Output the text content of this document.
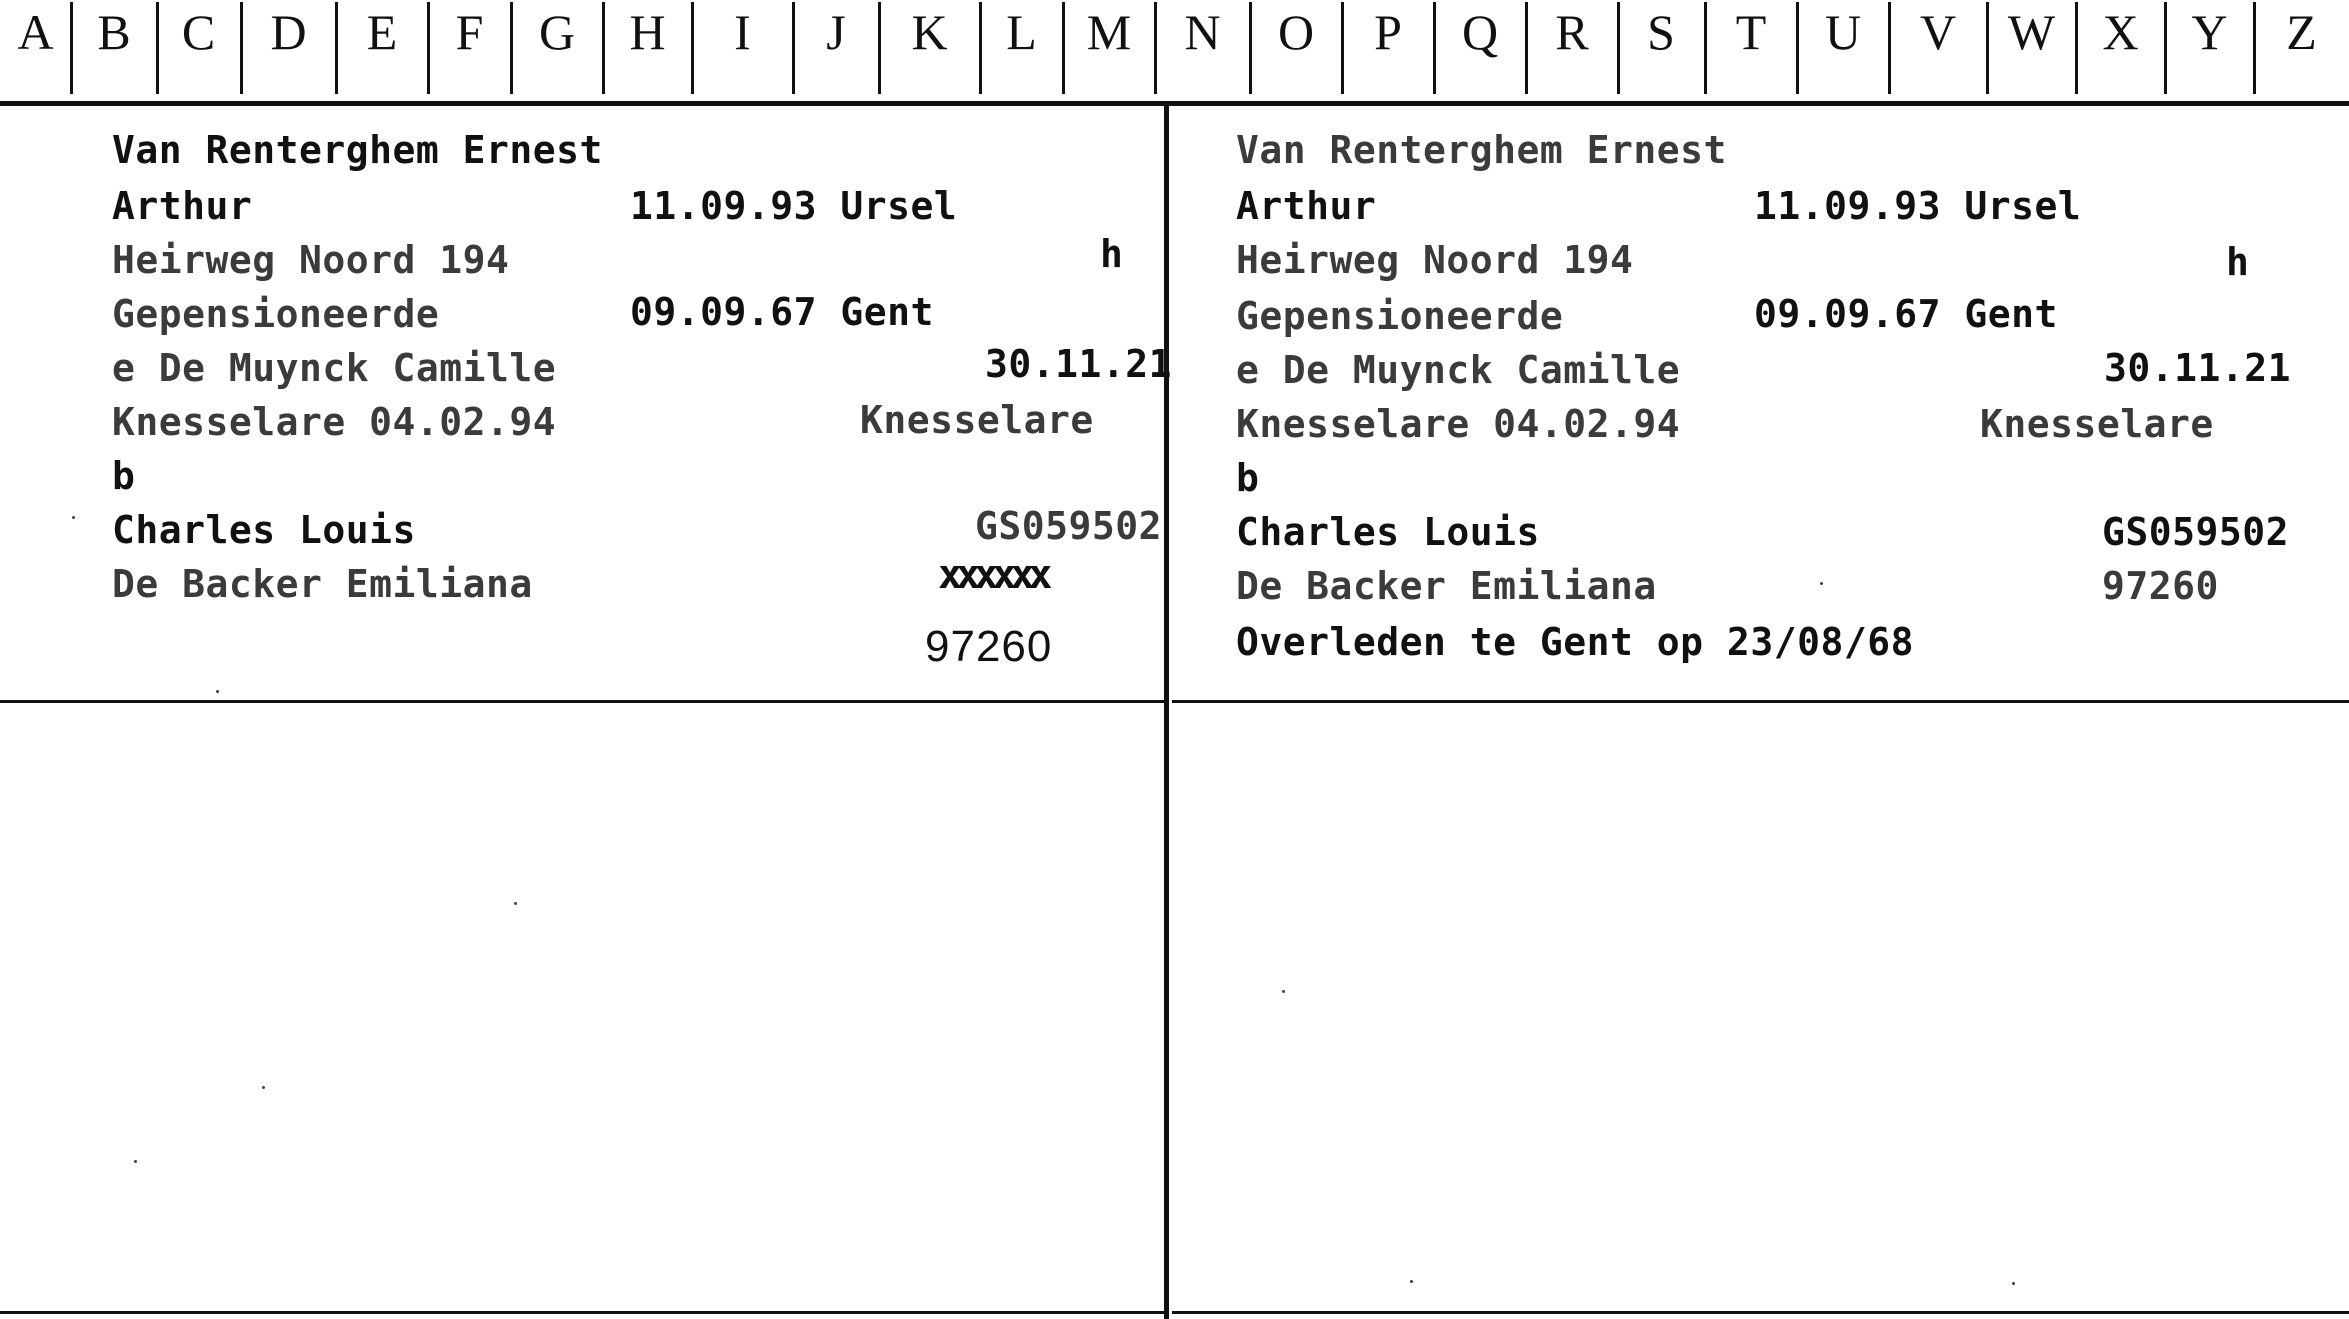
A B	C	D	E	F	G	H	I	J	K	L	M	N	O	P	Q	R	S	T	U	V	W X	Y	Z
Van Renterghem Ernest
Arthur	11.09.93 Ursel
Heirweg Noord 194	h
Gepensioneerde	09.09.67 Gent
e De Muynck Camille	30.11.21
Knesselare 04.02.94	Knesselare
b
Charles Louis	GS059502
De Backer Emiliana	xxxxxx
97260
Van Renterghem Ernest
Arthur	11.09.93 Ursel
Heirweg Noord 194	h
Gepensioneerde	09.09.67 Gent
e De Muynck Camille	30.11.21
Knesselare 04.02.94	Knesselare
b
Charles Louis	GS059502
De Backer Emiliana	97260
Overleden te Gent op 23/08/68
